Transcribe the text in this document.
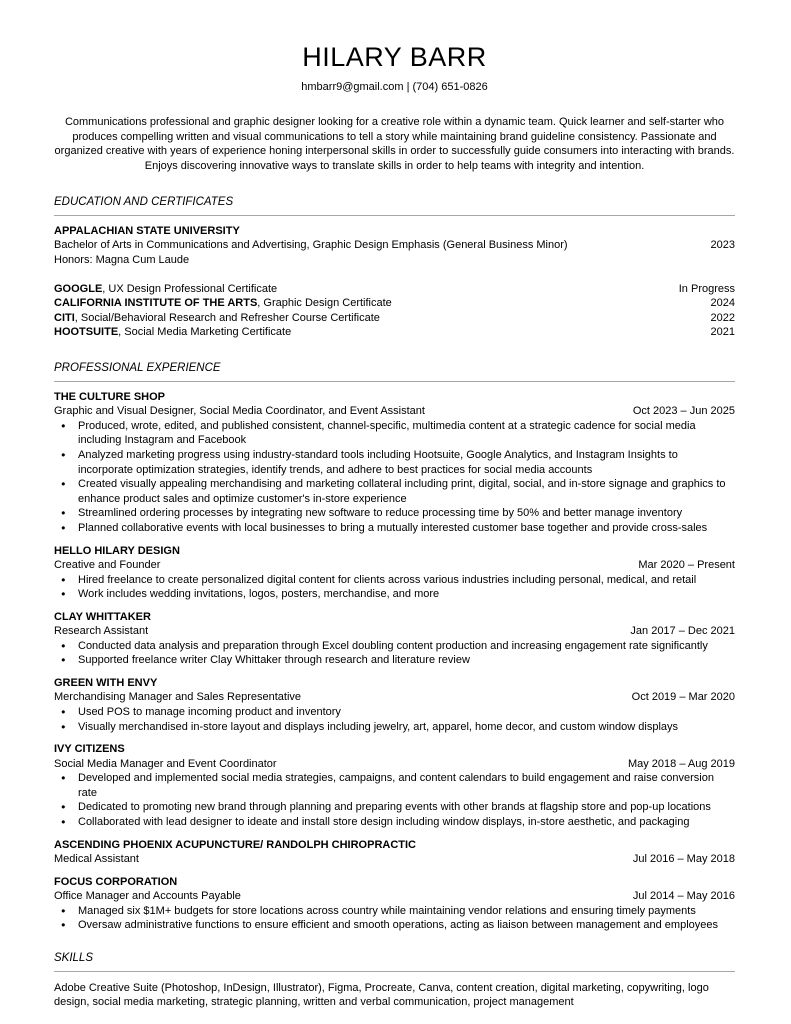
HILARY BARR
hmbarr9@gmail.com | (704) 651-0826
Communications professional and graphic designer looking for a creative role within a dynamic team. Quick learner and self-starter who produces compelling written and visual communications to tell a story while maintaining brand guideline consistency. Passionate and organized creative with years of experience honing interpersonal skills in order to successfully guide consumers into interacting with brands. Enjoys discovering innovative ways to translate skills in order to help teams with integrity and intention.
EDUCATION AND CERTIFICATES
APPALACHIAN STATE UNIVERSITY
Bachelor of Arts in Communications and Advertising, Graphic Design Emphasis (General Business Minor)	2023
Honors: Magna Cum Laude
GOOGLE, UX Design Professional Certificate	In Progress
CALIFORNIA INSTITUTE OF THE ARTS, Graphic Design Certificate	2024
CITI, Social/Behavioral Research and Refresher Course Certificate	2022
HOOTSUITE, Social Media Marketing Certificate	2021
PROFESSIONAL EXPERIENCE
THE CULTURE SHOP
Graphic and Visual Designer, Social Media Coordinator, and Event Assistant	Oct 2023 – Jun 2025
●	Produced, wrote, edited, and published consistent, channel-specific, multimedia content at a strategic cadence for social media including Instagram and Facebook
●	Analyzed marketing progress using industry-standard tools including Hootsuite, Google Analytics, and Instagram Insights to incorporate optimization strategies, identify trends, and adhere to best practices for social media accounts
●	Created visually appealing merchandising and marketing collateral including print, digital, social, and in-store signage and graphics to enhance product sales and optimize customer's in-store experience
●	Streamlined ordering processes by integrating new software to reduce processing time by 50% and better manage inventory
●	Planned collaborative events with local businesses to bring a mutually interested customer base together and provide cross-sales
HELLO HILARY DESIGN
Creative and Founder	Mar 2020 – Present
●	Hired freelance to create personalized digital content for clients across various industries including personal, medical, and retail
●	Work includes wedding invitations, logos, posters, merchandise, and more
CLAY WHITTAKER
Research Assistant	Jan 2017 – Dec 2021
●	Conducted data analysis and preparation through Excel doubling content production and increasing engagement rate significantly
●	Supported freelance writer Clay Whittaker through research and literature review
GREEN WITH ENVY
Merchandising Manager and Sales Representative	Oct 2019 – Mar 2020
●	Used POS to manage incoming product and inventory
●	Visually merchandised in-store layout and displays including jewelry, art, apparel, home decor, and custom window displays
IVY CITIZENS
Social Media Manager and Event Coordinator	May 2018 – Aug 2019
●	Developed and implemented social media strategies, campaigns, and content calendars to build engagement and raise conversion rate
●	Dedicated to promoting new brand through planning and preparing events with other brands at flagship store and pop-up locations
●	Collaborated with lead designer to ideate and install store design including window displays, in-store aesthetic, and packaging
ASCENDING PHOENIX ACUPUNCTURE/ RANDOLPH CHIROPRACTIC
Medical Assistant	Jul 2016 – May 2018
FOCUS CORPORATION
Office Manager and Accounts Payable	Jul 2014 – May 2016
●	Managed six $1M+ budgets for store locations across country while maintaining vendor relations and ensuring timely payments
●	Oversaw administrative functions to ensure efficient and smooth operations, acting as liaison between management and employees
SKILLS
Adobe Creative Suite (Photoshop, InDesign, Illustrator), Figma, Procreate, Canva, content creation, digital marketing, copywriting, logo design, social media marketing, strategic planning, written and verbal communication, project management
